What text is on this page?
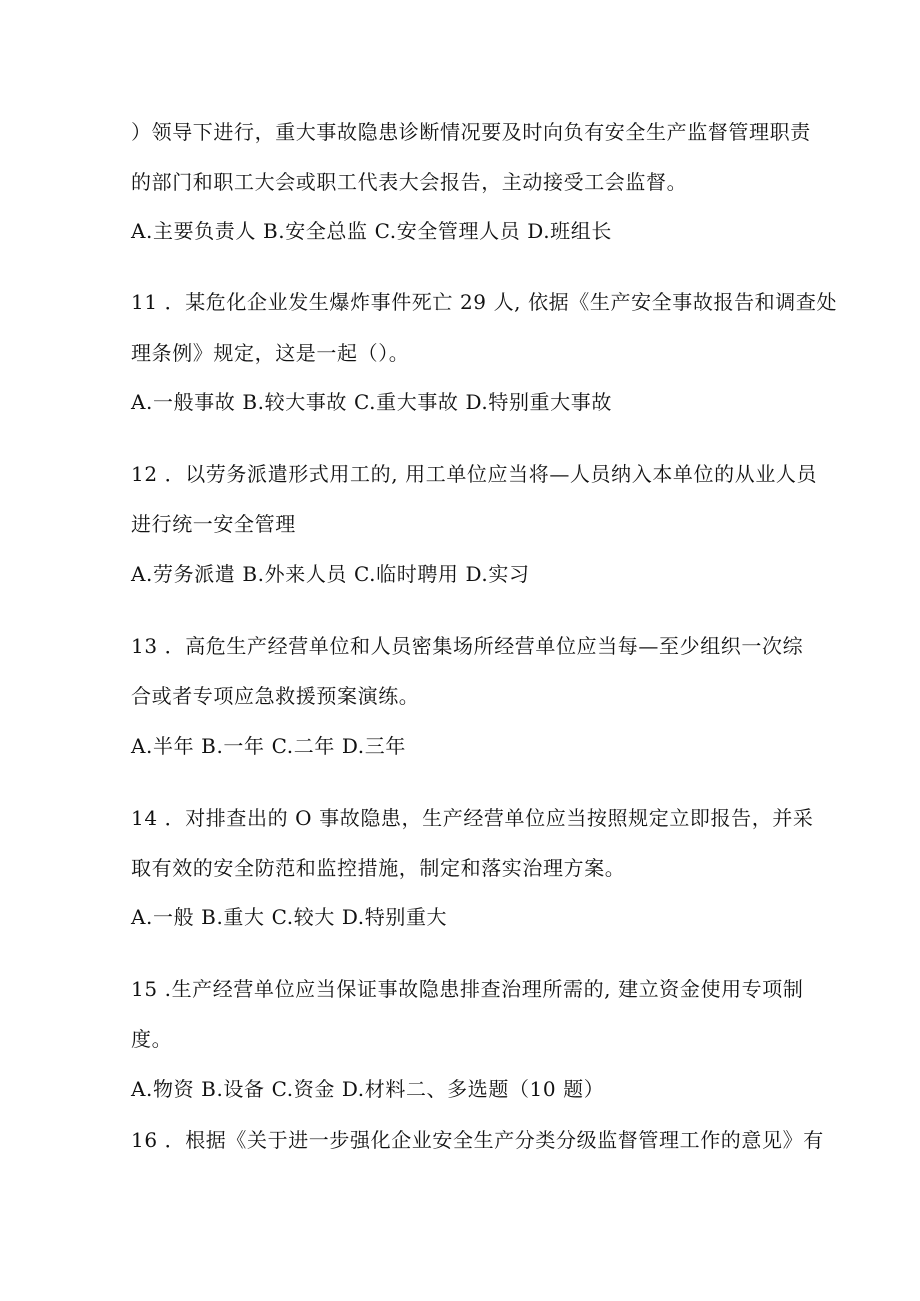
）领导下进行，重大事故隐患诊断情况要及时向负有安全生产监督管理职责
的部门和职工大会或职工代表大会报告，主动接受工会监督。
A.主要负责人 B.安全总监 C.安全管理人员 D.班组长
11 ．某危化企业发生爆炸事件死亡 29 人, 依据《生产安全事故报告和调查处
理条例》规定，这是一起（）。
A.一般事故 B.较大事故 C.重大事故 D.特别重大事故
12 ．以劳务派遣形式用工的, 用工单位应当将—人员纳入本单位的从业人员
进行统一安全管理
A.劳务派遣 B.外来人员 C.临时聘用 D.实习
13 ．高危生产经营单位和人员密集场所经营单位应当每—至少组织一次综
合或者专项应急救援预案演练。
A.半年 B.一年 C.二年 D.三年
14 ．对排查出的 O 事故隐患，生产经营单位应当按照规定立即报告，并采
取有效的安全防范和监控措施，制定和落实治理方案。
A.一般 B.重大 C.较大 D.特别重大
15 .生产经营单位应当保证事故隐患排查治理所需的, 建立资金使用专项制
度。
A.物资 B.设备 C.资金 D.材料二、多选题（10 题）
16 ．根据《关于进一步强化企业安全生产分类分级监督管理工作的意见》有
